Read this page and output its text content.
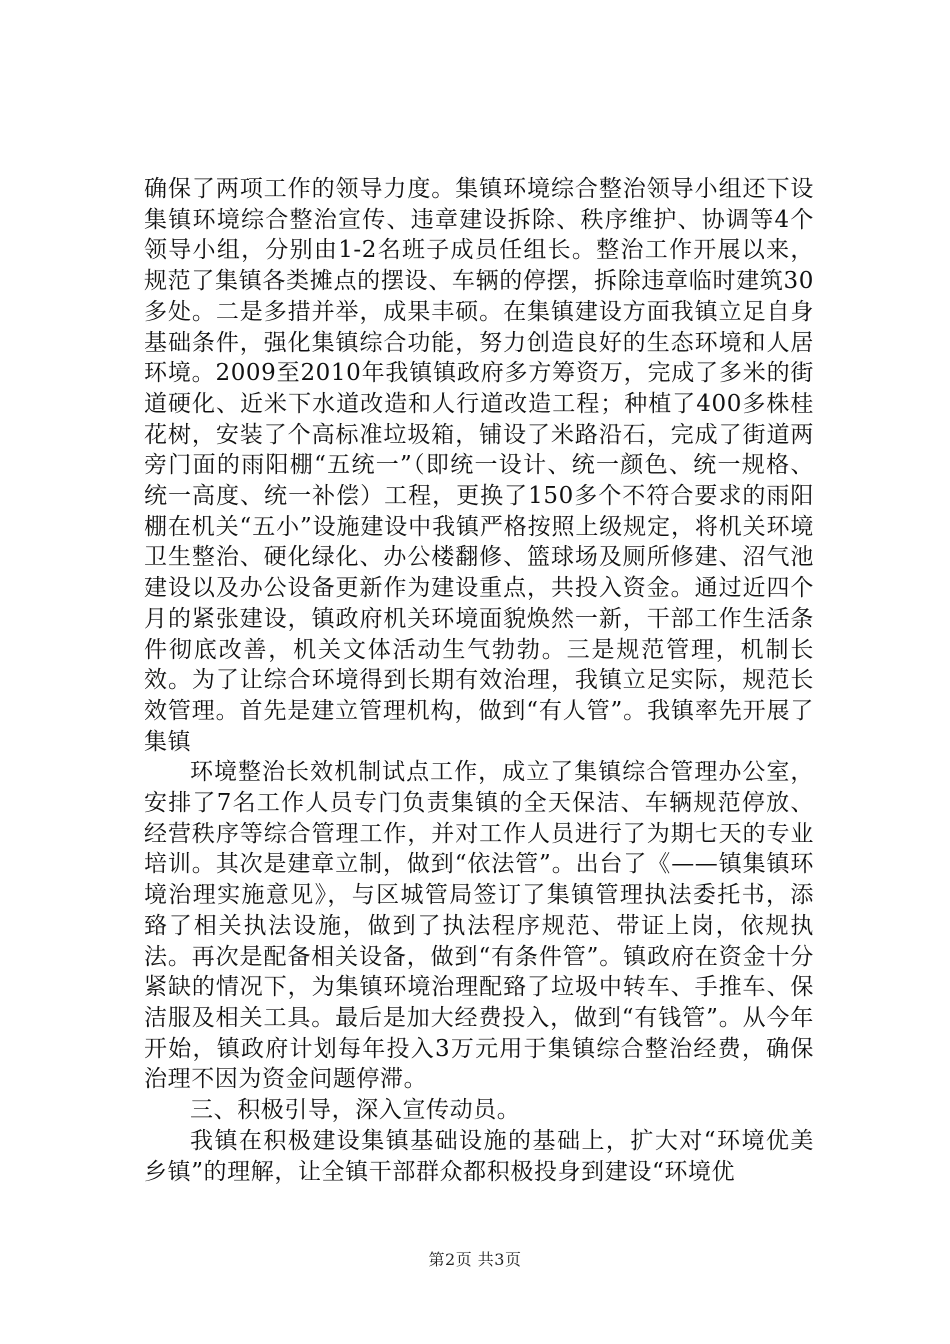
确保了两项工作的领导力度。集镇环境综合整治领导小组还下设集镇环境综合整治宣传、违章建设拆除、秩序维护、协调等4个领导小组，分别由1-2名班子成员任组长。整治工作开展以来，规范了集镇各类摊点的摆设、车辆的停摆，拆除违章临时建筑30多处。二是多措并举，成果丰硕。在集镇建设方面我镇立足自身基础条件，强化集镇综合功能，努力创造良好的生态环境和人居环境。2009至2010年我镇镇政府多方筹资万，完成了多米的街道硬化、近米下水道改造和人行道改造工程；种植了400多株桂花树，安装了个高标准垃圾箱，铺设了米路沿石，完成了街道两旁门面的雨阳棚“五统一”（即统一设计、统一颜色、统一规格、统一高度、统一补偿）工程，更换了150多个不符合要求的雨阳棚在机关“五小”设施建设中我镇严格按照上级规定，将机关环境卫生整治、硬化绿化、办公楼翻修、篮球场及厕所修建、沼气池建设以及办公设备更新作为建设重点，共投入资金。通过近四个月的紧张建设，镇政府机关环境面貌焕然一新，干部工作生活条件彻底改善，机关文体活动生气勃勃。三是规范管理，机制长效。为了让综合环境得到长期有效治理，我镇立足实际，规范长效管理。首先是建立管理机构，做到“有人管”。我镇率先开展了集镇

环境整治长效机制试点工作，成立了集镇综合管理办公室，安排了7名工作人员专门负责集镇的全天保洁、车辆规范停放、经营秩序等综合管理工作，并对工作人员进行了为期七天的专业培训。其次是建章立制，做到“依法管”。出台了《——镇集镇环境治理实施意见》，与区城管局签订了集镇管理执法委托书，添臵了相关执法设施，做到了执法程序规范、带证上岗，依规执法。再次是配备相关设备，做到“有条件管”。镇政府在资金十分紧缺的情况下，为集镇环境治理配臵了垃圾中转车、手推车、保洁服及相关工具。最后是加大经费投入，做到“有钱管”。从今年开始，镇政府计划每年投入3万元用于集镇综合整治经费，确保治理不因为资金问题停滞。

三、积极引导，深入宣传动员。

我镇在积极建设集镇基础设施的基础上，扩大对“环境优美乡镇”的理解，让全镇干部群众都积极投身到建设“环境优

第2页 共3页
